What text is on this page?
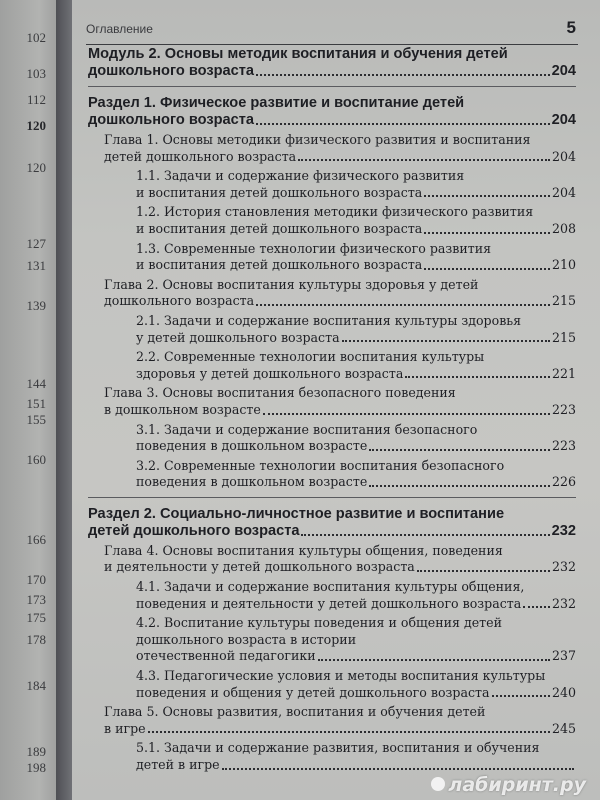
102
103
112
120
120
127
131
139
144
151
155
160
166
170
173
175
178
184
189
198
Оглавление	5
Модуль 2. Основы методик воспитания и обучения детей
дошкольного возраста	204
Раздел 1. Физическое развитие и воспитание детей
дошкольного возраста	204
Глава 1. Основы методики физического развития и воспитания
детей дошкольного возраста	204
1.1. Задачи и содержание физического развития
и воспитания детей дошкольного возраста	204
1.2. История становления методики физического развития
и воспитания детей дошкольного возраста	208
1.3. Современные технологии физического развития
и воспитания детей дошкольного возраста	210
Глава 2. Основы воспитания культуры здоровья у детей
дошкольного возраста	215
2.1. Задачи и содержание воспитания культуры здоровья
у детей дошкольного возраста	215
2.2. Современные технологии воспитания культуры
здоровья у детей дошкольного возраста	221
Глава 3. Основы воспитания безопасного поведения
в дошкольном возрасте	223
3.1. Задачи и содержание воспитания безопасного
поведения в дошкольном возрасте	223
3.2. Современные технологии воспитания безопасного
поведения в дошкольном возрасте	226
Раздел 2. Социально-личностное развитие и воспитание
детей дошкольного возраста	232
Глава 4. Основы воспитания культуры общения, поведения
и деятельности у детей дошкольного возраста	232
4.1. Задачи и содержание воспитания культуры общения,
поведения и деятельности у детей дошкольного возраста 232
4.2. Воспитание культуры поведения и общения детей
дошкольного возраста в истории
отечественной педагогики	237
4.3. Педагогические условия и методы воспитания культуры
поведения и общения у детей дошкольного возраста	240
Глава 5. Основы развития, воспитания и обучения детей
в игре	245
5.1. Задачи и содержание развития, воспитания и обучения
детей в игре
лабиринт.ру
